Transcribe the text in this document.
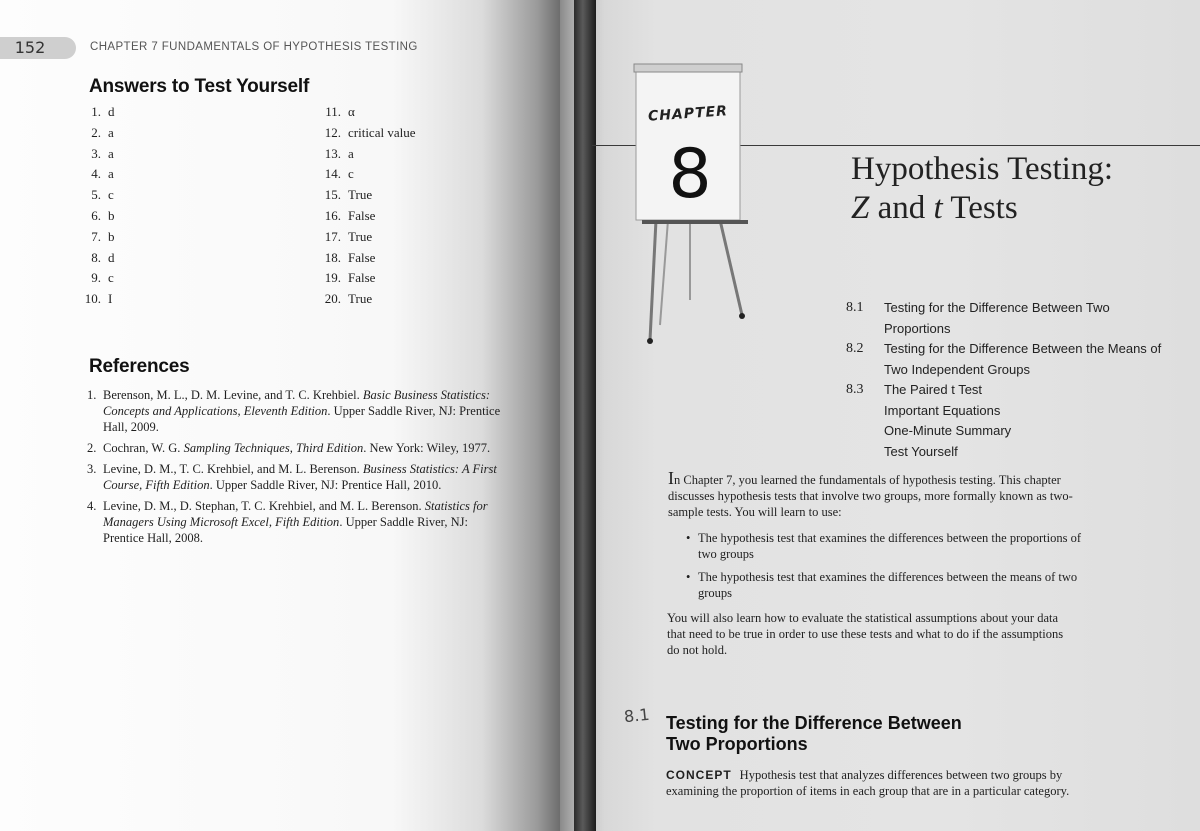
152	CHAPTER 7 FUNDAMENTALS OF HYPOTHESIS TESTING
Answers to Test Yourself
1. d
2. a
3. a
4. a
5. c
6. b
7. b
8. d
9. c
10. I
11. α
12. critical value
13. a
14. c
15. True
16. False
17. True
18. False
19. False
20. True
References
1. Berenson, M. L., D. M. Levine, and T. C. Krehbiel. Basic Business Statistics: Concepts and Applications, Eleventh Edition. Upper Saddle River, NJ: Prentice Hall, 2009.
2. Cochran, W. G. Sampling Techniques, Third Edition. New York: Wiley, 1977.
3. Levine, D. M., T. C. Krehbiel, and M. L. Berenson. Business Statistics: A First Course, Fifth Edition. Upper Saddle River, NJ: Prentice Hall, 2010.
4. Levine, D. M., D. Stephan, T. C. Krehbiel, and M. L. Berenson. Statistics for Managers Using Microsoft Excel, Fifth Edition. Upper Saddle River, NJ: Prentice Hall, 2008.
CHAPTER
8	Hypothesis Testing:
Z and t Tests
8.1 Testing for the Difference Between Two
Proportions
8.2 Testing for the Difference Between the Means of
Two Independent Groups
8.3 The Paired t Test
Important Equations
One-Minute Summary
Test Yourself

In Chapter 7, you learned the fundamentals of hypothesis testing. This chapter discusses hypothesis tests that involve two groups, more formally known as two-sample tests. You will learn to use:

• The hypothesis test that examines the differences between the proportions of two groups
• The hypothesis test that examines the differences between the means of two groups

You will also learn how to evaluate the statistical assumptions about your data that need to be true in order to use these tests and what to do if the assumptions do not hold.

8.1 Testing for the Difference Between
Two Proportions

CONCEPT Hypothesis test that analyzes differences between two groups by examining the proportion of items in each group that are in a particular category.
